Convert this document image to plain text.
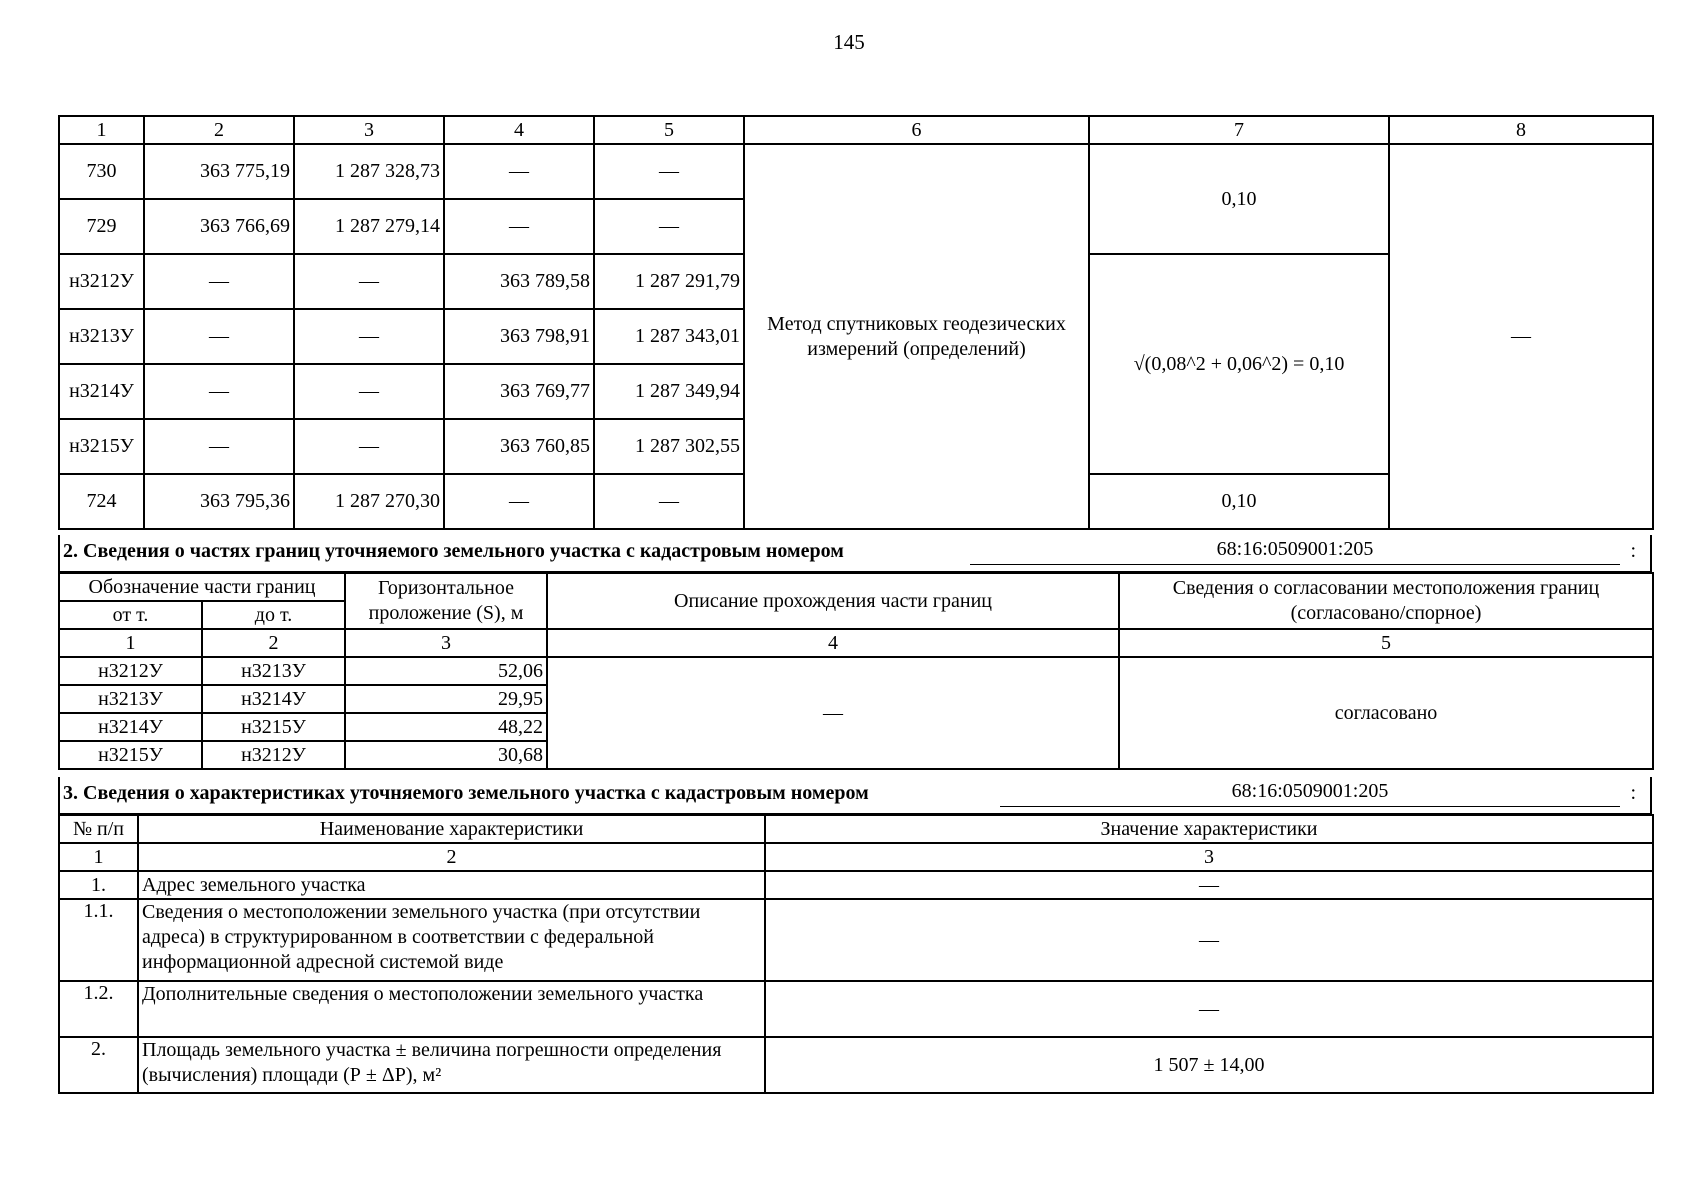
145
1	2	3	4	5	6	7	8
730	363 775,19	1 287 328,73	—	—	Метод спутниковых геодезических измерений (определений)	0,10	—
729	363 766,69	1 287 279,14	—	—			
н3212У	—	—	363 789,58	1 287 291,79		√(0,08^2 + 0,06^2) = 0,10	
н3213У	—	—	363 798,91	1 287 343,01			
н3214У	—	—	363 769,77	1 287 349,94			
н3215У	—	—	363 760,85	1 287 302,55			
724	363 795,36	1 287 270,30	—	—		0,10	
2. Сведения о частях границ уточняемого земельного участка с кадастровым номером	68:16:0509001:205	:
Обозначение части границ		Горизонтальное проложение (S), м	Описание прохождения части границ	Сведения о согласовании местоположения границ (согласовано/спорное)
от т.	до т.			
1	2	3	4	5
н3212У	н3213У	52,06	—	согласовано
н3213У	н3214У	29,95		
н3214У	н3215У	48,22		
н3215У	н3212У	30,68		
3. Сведения о характеристиках уточняемого земельного участка с кадастровым номером	68:16:0509001:205	:
№ п/п	Наименование характеристики	Значение характеристики
1	2	3
1.	Адрес земельного участка	—
1.1.	Сведения о местоположении земельного участка (при отсутствии адреса) в структурированном в соответствии с федеральной информационной адресной системой виде	—
1.2.	Дополнительные сведения о местоположении земельного участка	—
2.	Площадь земельного участка ± величина погрешности определения (вычисления) площади (Р ± ΔР), м²	1 507 ± 14,00
